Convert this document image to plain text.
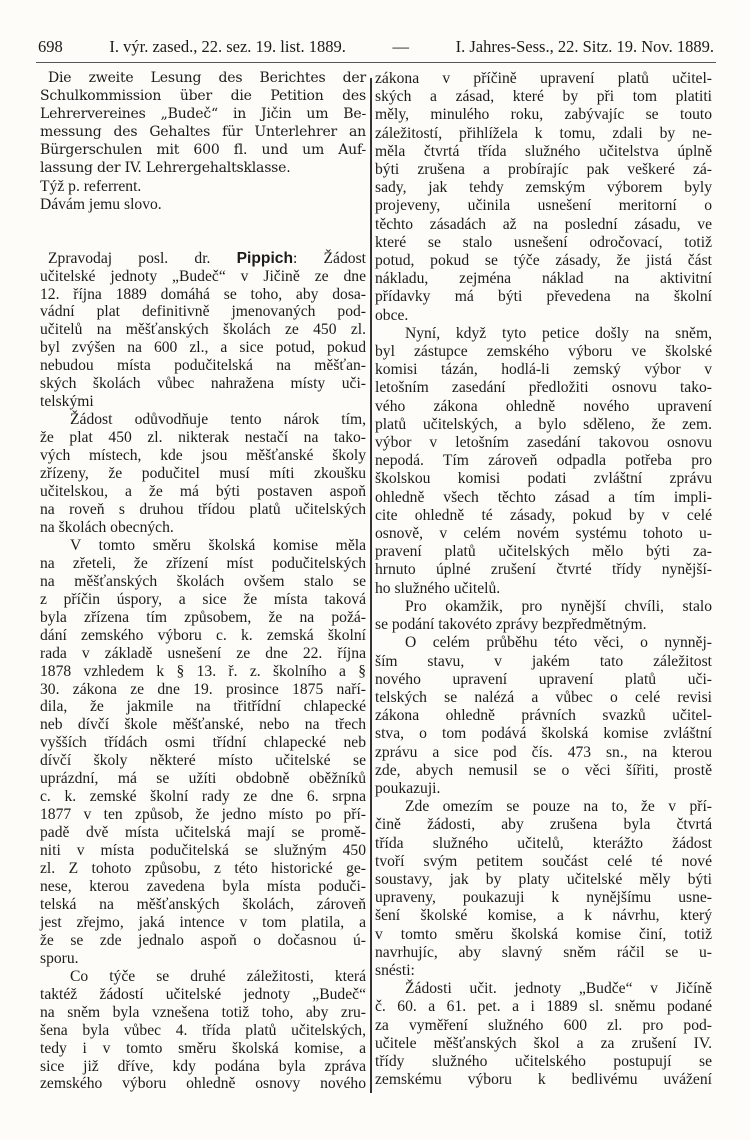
698	I. výr. zased., 22. sez. 19. list. 1889.	—	I. Jahres-Sess., 22. Sitz. 19. Nov. 1889.
Die zweite Lesung des Berichtes der
Schulkommission über die Petition des
Lehrervereines „Budeč“ in Jičin um Be-
messung des Gehaltes für Unterlehrer an
Bürgerschulen mit 600 fl. und um Auf-
lassung der IV. Lehrergehaltsklasse.
Týž p. referrent.
Dávám jemu slovo.
Zpravodaj posl. dr. Pippich: Žádost
učitelské jednoty „Budeč“ v Jičině ze dne
12. října 1889 domáhá se toho, aby dosa-
vádní plat definitivně jmenovaných pod-
učitelů na měšťanských školách ze 450 zl.
byl zvýšen na 600 zl., a sice potud, pokud
nebudou místa podučitelská na měšťan-
ských školách vůbec nahražena místy uči-
telskými
Žádost odůvodňuje tento nárok tím,
že plat 450 zl. nikterak nestačí na tako-
vých místech, kde jsou měšťanské školy
zřízeny, že podučitel musí míti zkoušku
učitelskou, a že má býti postaven aspoň
na roveň s druhou třídou platů učitelských
na školách obecných.
V tomto směru školská komise měla
na zřeteli, že zřízení míst podučitelských
na měšťanských školách ovšem stalo se
z příčin úspory, a sice že místa taková
byla zřízena tím způsobem, že na požá-
dání zemského výboru c. k. zemská školní
rada v základě usnešení ze dne 22. října
1878 vzhledem k § 13. ř. z. školního a §
30. zákona ze dne 19. prosince 1875 naří-
dila, že jakmile na třitřídní chlapecké
neb dívčí škole měšťanské, nebo na třech
vyšších třídách osmi třídní chlapecké neb
dívčí školy některé místo učitelské se
uprázdní, má se užíti obdobně oběžníků
c. k. zemské školní rady ze dne 6. srpna
1877 v ten způsob, že jedno místo po pří-
padě dvě místa učitelská mají se promě-
niti v místa podučitelská se služným 450
zl. Z tohoto způsobu, z této historické ge-
nese, kterou zavedena byla místa poduči-
telská na měšťanských školách, zároveň
jest zřejmo, jaká intence v tom platila, a
že se zde jednalo aspoň o dočasnou ú-
sporu.
Co týče se druhé záležitosti, která
taktéž žádostí učitelské jednoty „Budeč“
na sněm byla vznešena totiž toho, aby zru-
šena byla vůbec 4. třída platů učitelských,
tedy i v tomto směru školská komise, a
sice již dříve, kdy podána byla zpráva
zemského výboru ohledně osnovy nového
zákona v příčině upravení platů učitel-
ských a zásad, které by při tom platiti
měly, minulého roku, zabývajíc se touto
záležitostí, přihlížela k tomu, zdali by ne-
měla čtvrtá třída služného učitelstva úplně
býti zrušena a probírajíc pak veškeré zá-
sady, jak tehdy zemským výborem byly
projeveny, učinila usnešení meritorní o
těchto zásadách až na poslední zásadu, ve
které se stalo usnešení odročovací, totiž
potud, pokud se týče zásady, že jistá část
nákladu, zejména náklad na aktivitní
přídavky má býti převedena na školní
obce.
Nyní, když tyto petice došly na sněm,
byl zástupce zemského výboru ve školské
komisi tázán, hodlá-li zemský výbor v
letošním zasedání předložiti osnovu tako-
vého zákona ohledně nového upravení
platů učitelských, a bylo sděleno, že zem.
výbor v letošním zasedání takovou osnovu
nepodá. Tím zároveň odpadla potřeba pro
školskou komisi podati zvláštní zprávu
ohledně všech těchto zásad a tím impli-
cite ohledně té zásady, pokud by v celé
osnově, v celém novém systému tohoto u-
pravení platů učitelských mělo býti za-
hrnuto úplné zrušení čtvrté třídy nynější-
ho služného učitelů.
Pro okamžik, pro nynější chvíli, stalo
se podání takovéto zprávy bezpředmětným.
O celém průběhu této věci, o nynněj-
ším stavu, v jakém tato záležitost
nového upravení upravení platů uči-
telských se nalézá a vůbec o celé revisi
zákona ohledně právních svazků učitel-
stva, o tom podává školská komise zvláštní
zprávu a sice pod čís. 473 sn., na kterou
zde, abych nemusil se o věci šířiti, prostě
poukazuji.
Zde omezím se pouze na to, že v pří-
čině žádosti, aby zrušena byla čtvrtá
třída služného učitelů, kterážto žádost
tvoří svým petitem součást celé té nové
soustavy, jak by platy učitelské měly býti
upraveny, poukazuji k nynějšímu usne-
šení školské komise, a k návrhu, který
v tomto směru školská komise činí, totiž
navrhujíc, aby slavný sněm ráčil se u-
snésti:
Žádosti učit. jednoty „Budče“ v Jičíně
č. 60. a 61. pet. a i 1889 sl. sněmu podané
za vyměření služného 600 zl. pro pod-
učitele měšťanských škol a za zrušení IV.
třídy služného učitelského postupují se
zemskému výboru k bedlivému uvážení
